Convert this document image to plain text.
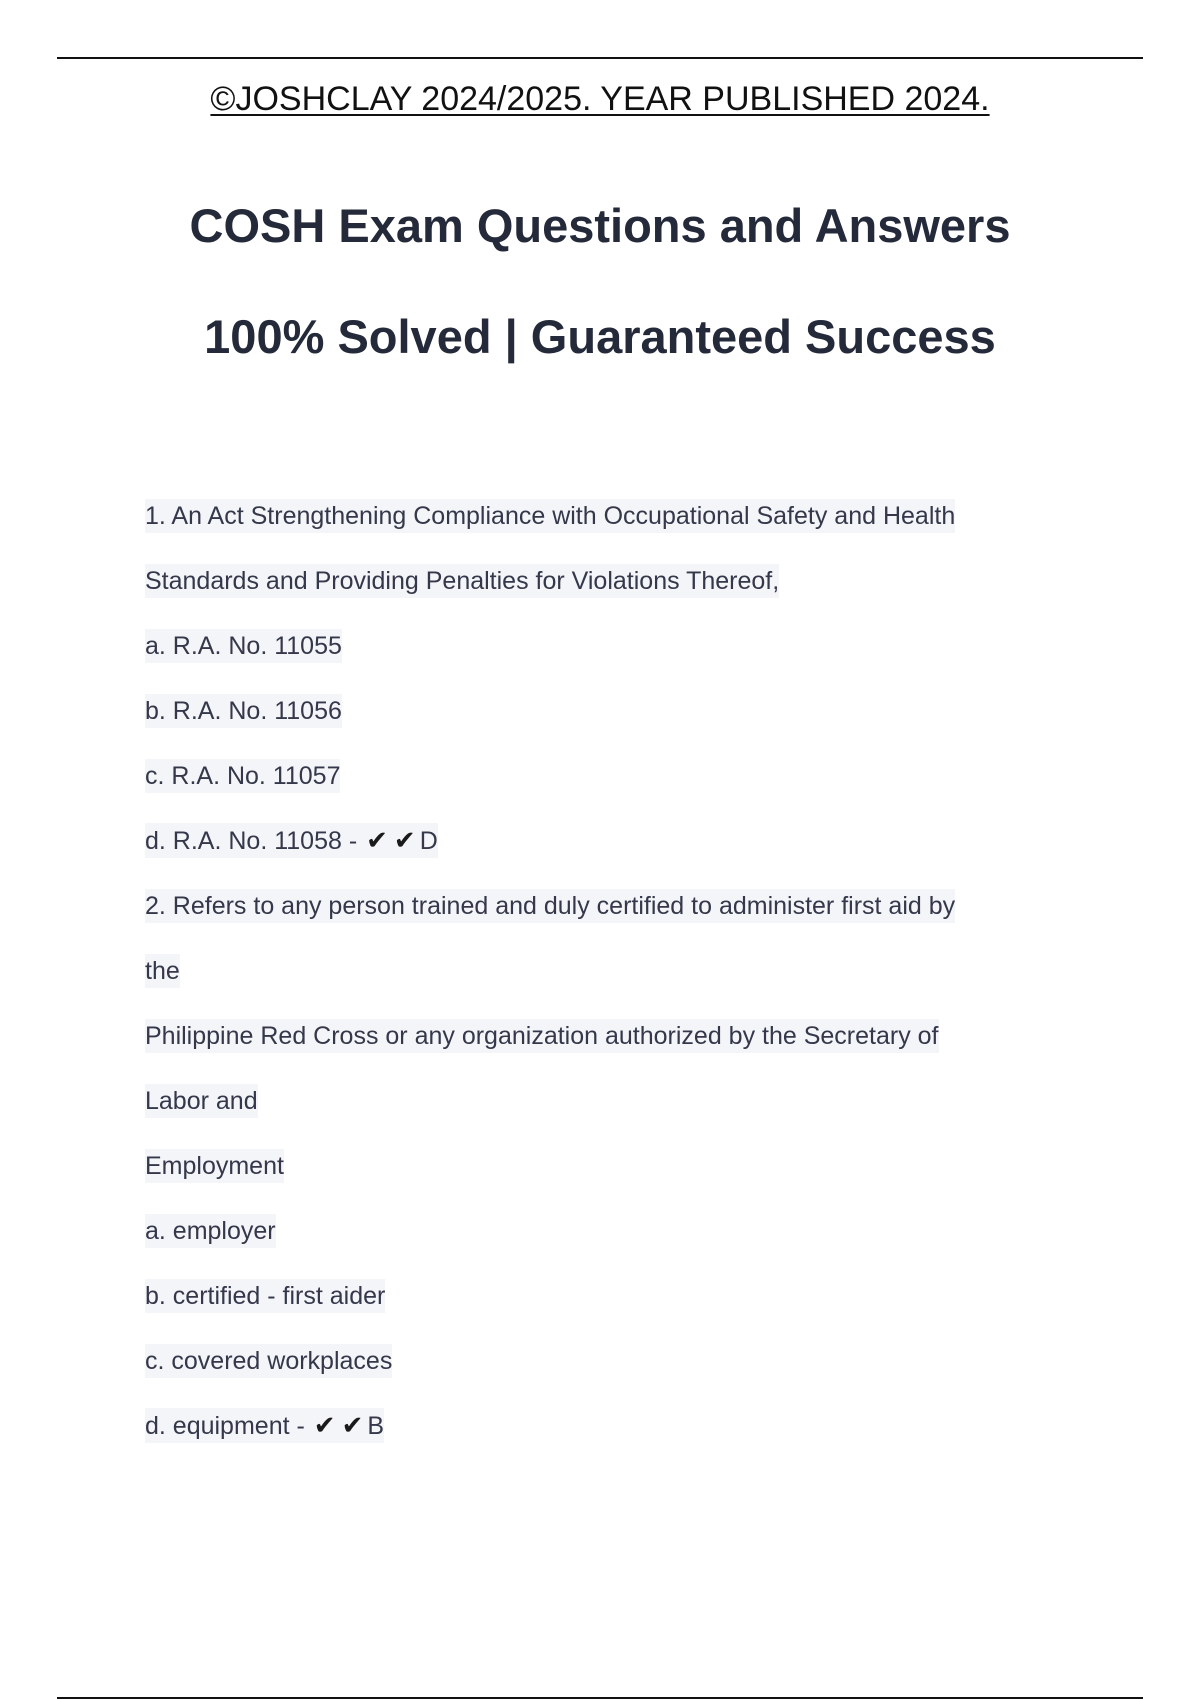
©JOSHCLAY 2024/2025. YEAR PUBLISHED 2024.
COSH Exam Questions and Answers
100% Solved | Guaranteed Success
1. An Act Strengthening Compliance with Occupational Safety and Health
Standards and Providing Penalties for Violations Thereof,
a. R.A. No. 11055
b. R.A. No. 11056
c. R.A. No. 11057
d. R.A. No. 11058 - ✔ ✔ D
2. Refers to any person trained and duly certified to administer first aid by
the
Philippine Red Cross or any organization authorized by the Secretary of
Labor and
Employment
a. employer
b. certified - first aider
c. covered workplaces
d. equipment - ✔ ✔ B
